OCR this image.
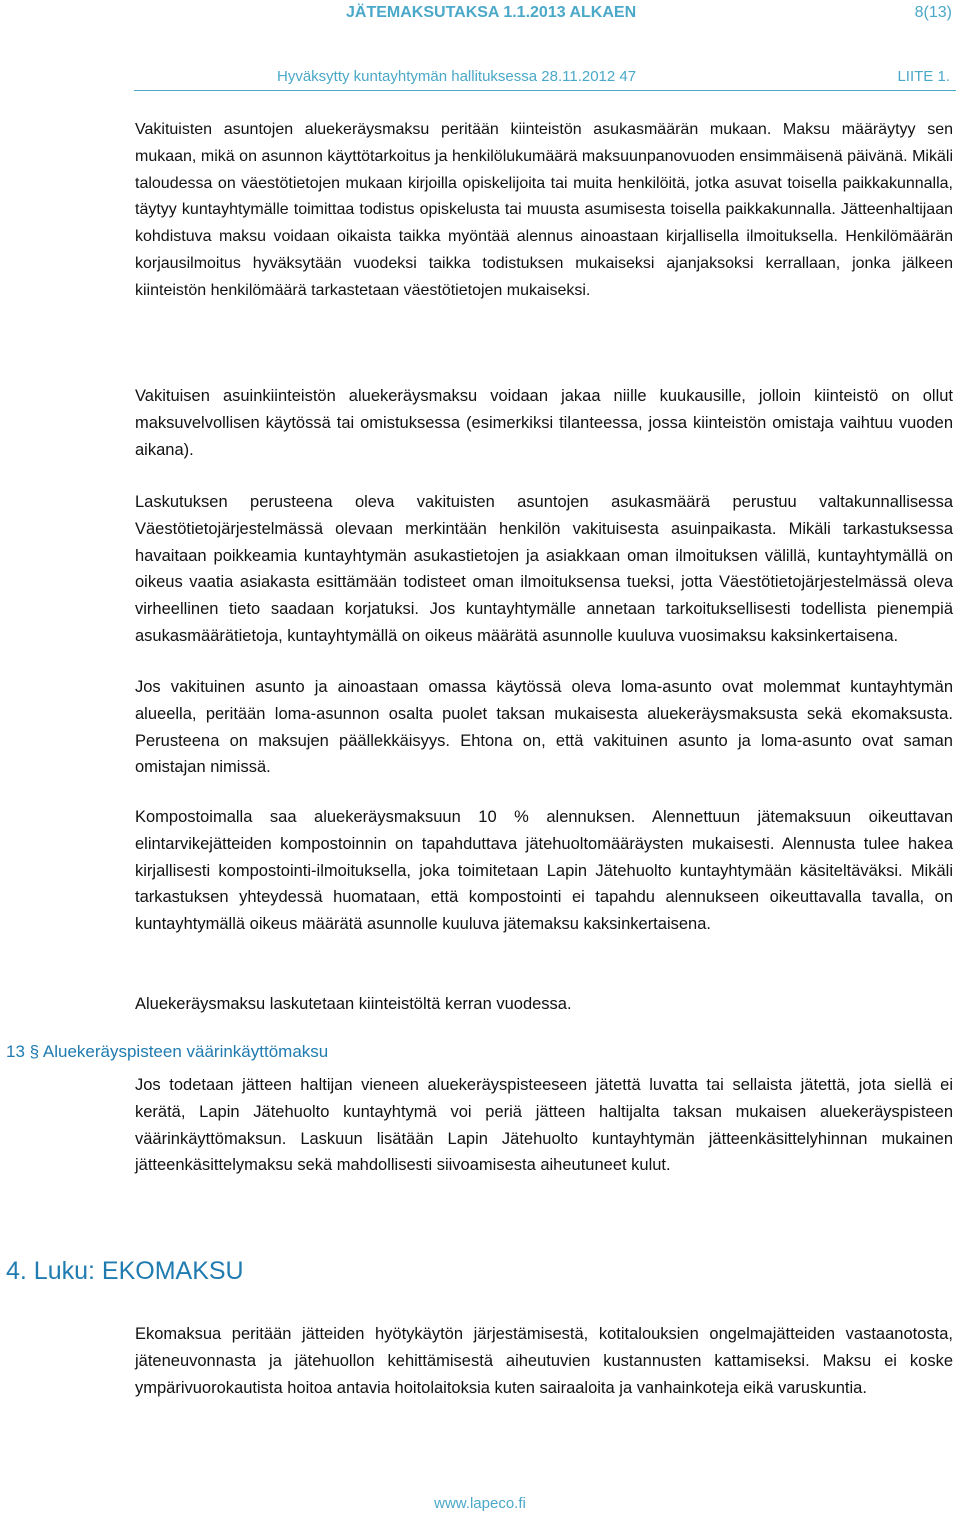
JÄTEMAKSUTAKSA 1.1.2013 ALKAEN	8(13)
Hyväksytty kuntayhtymän hallituksessa 28.11.2012 47	LIITE 1.

Vakituisten asuntojen aluekeräysmaksu peritään kiinteistön asukasmäärän mukaan. Maksu määräytyy sen mukaan, mikä on asunnon käyttötarkoitus ja henkilölukumäärä maksuunpanovuoden ensimmäisenä päivänä. Mikäli taloudessa on väestötietojen mukaan kirjoilla opiskelijoita tai muita henkilöitä, jotka asuvat toisella paikkakunnalla, täytyy kuntayhtymälle toimittaa todistus opiskelusta tai muusta asumisesta toisella paikkakunnalla. Jätteenhaltijaan kohdistuva maksu voidaan oikaista taikka myöntää alennus ainoastaan kirjallisella ilmoituksella. Henkilömäärän korjausilmoitus hyväksytään vuodeksi taikka todistuksen mukaiseksi ajanjaksoksi kerrallaan, jonka jälkeen kiinteistön henkilömäärä tarkastetaan väestötietojen mukaiseksi.

Vakituisen asuinkiinteistön aluekeräysmaksu voidaan jakaa niille kuukausille, jolloin kiinteistö on ollut maksuvelvollisen käytössä tai omistuksessa (esimerkiksi tilanteessa, jossa kiinteistön omistaja vaihtuu vuoden aikana).

Laskutuksen perusteena oleva vakituisten asuntojen asukasmäärä perustuu valtakunnallisessa Väestötietojärjestelmässä olevaan merkintään henkilön vakituisesta asuinpaikasta. Mikäli tarkastuksessa havaitaan poikkeamia kuntayhtymän asukastietojen ja asiakkaan oman ilmoituksen välillä, kuntayhtymällä on oikeus vaatia asiakasta esittämään todisteet oman ilmoituksensa tueksi, jotta Väestötietojärjestelmässä oleva virheellinen tieto saadaan korjatuksi. Jos kuntayhtymälle annetaan tarkoituksellisesti todellista pienempiä asukasmäärätietoja, kuntayhtymällä on oikeus määrätä asunnolle kuuluva vuosimaksu kaksinkertaisena.

Jos vakituinen asunto ja ainoastaan omassa käytössä oleva loma-asunto ovat molemmat kuntayhtymän alueella, peritään loma-asunnon osalta puolet taksan mukaisesta aluekeräysmaksusta sekä ekomaksusta. Perusteena on maksujen päällekkäisyys. Ehtona on, että vakituinen asunto ja loma-asunto ovat saman omistajan nimissä.

Kompostoimalla saa aluekeräysmaksuun 10 % alennuksen. Alennettuun jätemaksuun oikeuttavan elintarvikejätteiden kompostoinnin on tapahduttava jätehuoltomääräysten mukaisesti. Alennusta tulee hakea kirjallisesti kompostointi-ilmoituksella, joka toimitetaan Lapin Jätehuolto kuntayhtymään käsiteltäväksi. Mikäli tarkastuksen yhteydessä huomataan, että kompostointi ei tapahdu alennukseen oikeuttavalla tavalla, on kuntayhtymällä oikeus määrätä asunnolle kuuluva jätemaksu kaksinkertaisena.

Aluekeräysmaksu laskutetaan kiinteistöltä kerran vuodessa.

13 § Aluekeräyspisteen väärinkäyttömaksu

Jos todetaan jätteen haltijan vieneen aluekeräyspisteeseen jätettä luvatta tai sellaista jätettä, jota siellä ei kerätä, Lapin Jätehuolto kuntayhtymä voi periä jätteen haltijalta taksan mukaisen aluekeräyspisteen väärinkäyttömaksun. Laskuun lisätään Lapin Jätehuolto kuntayhtymän jätteenkäsittelyhinnan mukainen jätteenkäsittelymaksu sekä mahdollisesti siivoamisesta aiheutuneet kulut.

4. Luku: EKOMAKSU

Ekomaksua peritään jätteiden hyötykäytön järjestämisestä, kotitalouksien ongelmajätteiden vastaanotosta, jäteneuvonnasta ja jätehuollon kehittämisestä aiheutuvien kustannusten kattamiseksi. Maksu ei koske ympärivuorokautista hoitoa antavia hoitolaitoksia kuten sairaaloita ja vanhainkoteja eikä varuskuntia.

www.lapeco.fi
